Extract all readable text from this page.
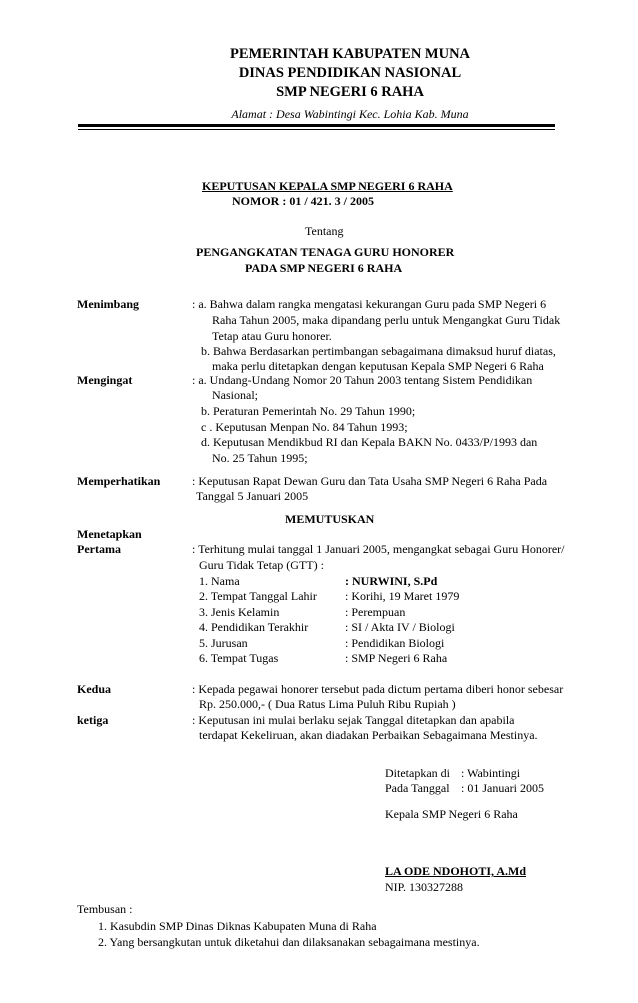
PEMERINTAH KABUPATEN MUNA
DINAS PENDIDIKAN NASIONAL
SMP NEGERI 6 RAHA
Alamat : Desa Wabintingi Kec. Lohia Kab. Muna
KEPUTUSAN KEPALA SMP NEGERI 6 RAHA
NOMOR : 01 / 421. 3 / 2005
Tentang
PENGANGKATAN TENAGA GURU HONORER
PADA SMP NEGERI 6 RAHA
Menimbang	: a. Bahwa dalam rangka mengatasi kekurangan Guru pada SMP Negeri 6
Raha Tahun 2005, maka dipandang perlu untuk Mengangkat Guru Tidak
Tetap atau Guru honorer.
b. Bahwa Berdasarkan pertimbangan sebagaimana dimaksud huruf diatas,
maka perlu ditetapkan dengan keputusan Kepala SMP Negeri 6 Raha
Mengingat	: a. Undang-Undang Nomor 20 Tahun 2003 tentang Sistem Pendidikan
Nasional;
b. Peraturan Pemerintah No. 29 Tahun 1990;
c . Keputusan Menpan No. 84 Tahun 1993;
d. Keputusan Mendikbud RI dan Kepala BAKN No. 0433/P/1993 dan
No. 25 Tahun 1995;
Memperhatikan	: Keputusan Rapat Dewan Guru dan Tata Usaha SMP Negeri 6 Raha Pada
Tanggal 5 Januari 2005
MEMUTUSKAN
Menetapkan
Pertama	: Terhitung mulai tanggal 1 Januari 2005, mengangkat sebagai Guru Honorer/
Guru Tidak Tetap (GTT) :
1. Nama	: NURWINI, S.Pd
2. Tempat Tanggal Lahir : Korihi, 19 Maret 1979
3. Jenis Kelamin	: Perempuan
4. Pendidikan Terakhir	: SI / Akta IV / Biologi
5. Jurusan	: Pendidikan Biologi
6. Tempat Tugas	: SMP Negeri 6 Raha
Kedua	: Kepada pegawai honorer tersebut pada dictum pertama diberi honor sebesar
Rp. 250.000,- ( Dua Ratus Lima Puluh Ribu Rupiah )
ketiga	: Keputusan ini mulai berlaku sejak Tanggal ditetapkan dan apabila
terdapat Kekeliruan, akan diadakan Perbaikan Sebagaimana Mestinya.
Ditetapkan di : Wabintingi
Pada Tanggal : 01 Januari 2005
Kepala SMP Negeri 6 Raha
LA ODE NDOHOTI, A.Md
NIP. 130327288
Tembusan :
1. Kasubdin SMP Dinas Diknas Kabupaten Muna di Raha
2. Yang bersangkutan untuk diketahui dan dilaksanakan sebagaimana mestinya.
